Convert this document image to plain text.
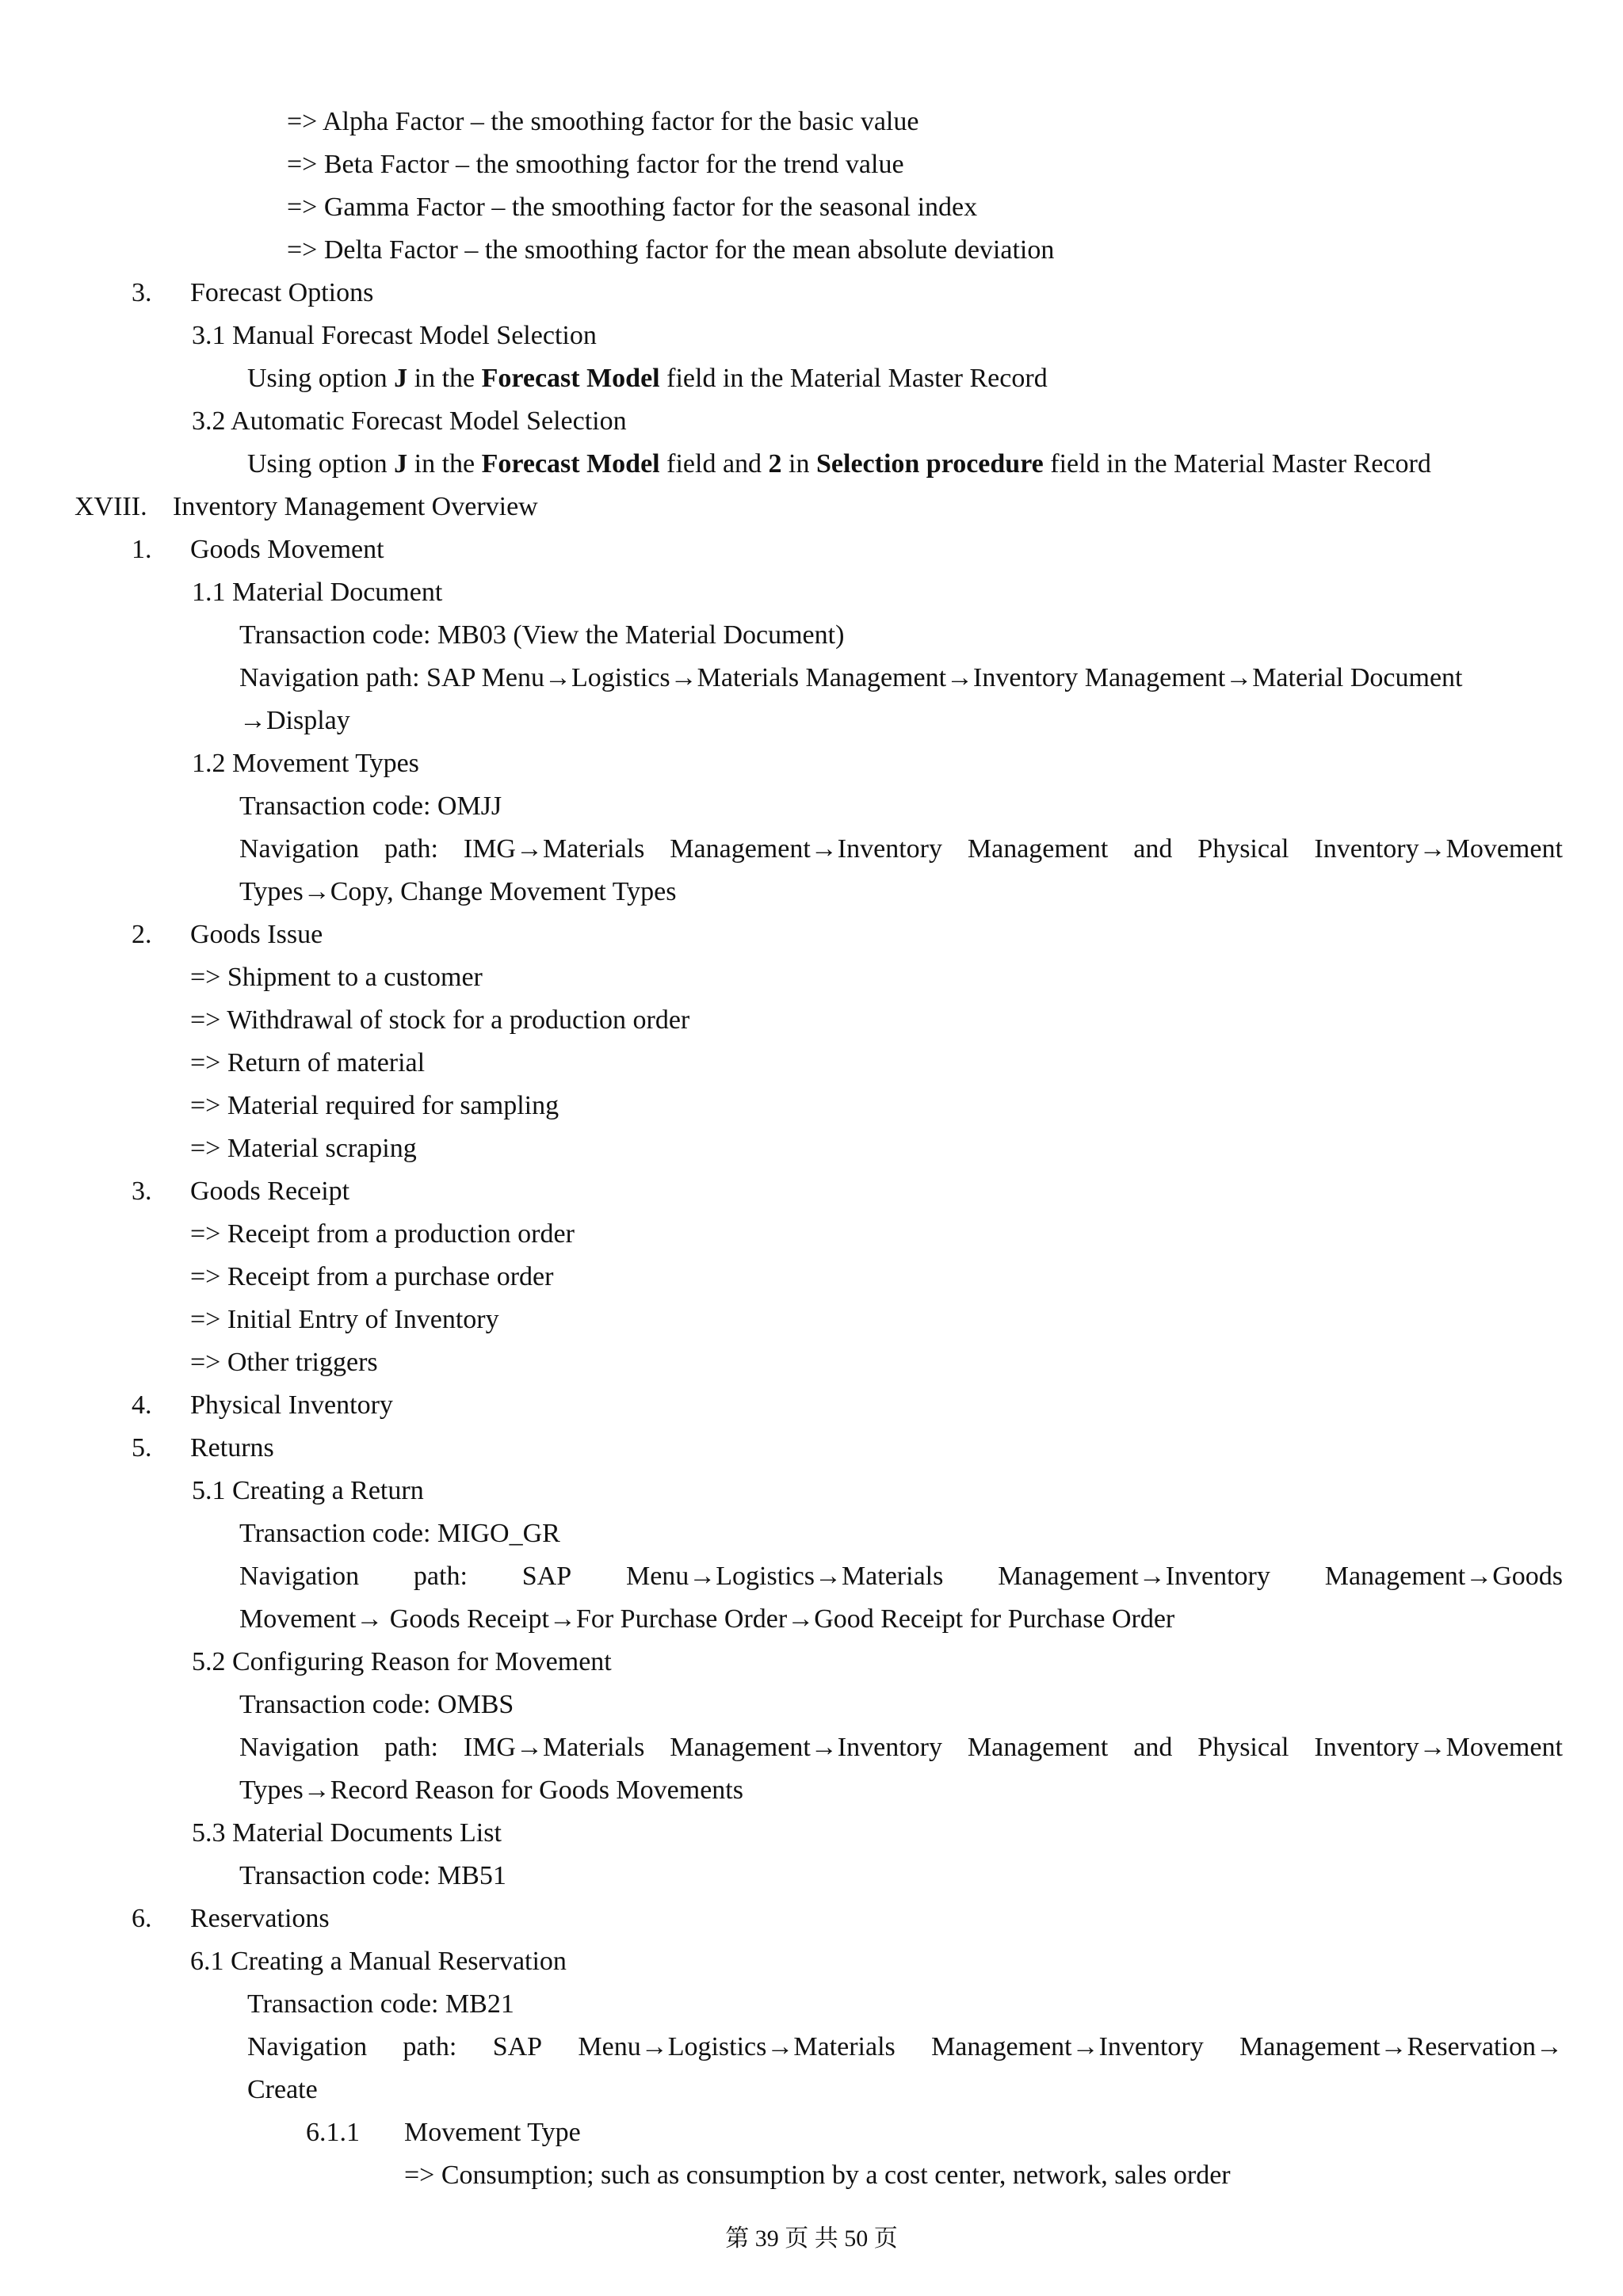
=> Alpha Factor – the smoothing factor for the basic value
=> Beta Factor – the smoothing factor for the trend value
=> Gamma Factor – the smoothing factor for the seasonal index
=> Delta Factor – the smoothing factor for the mean absolute deviation
3. Forecast Options
3.1 Manual Forecast Model Selection
Using option J in the Forecast Model field in the Material Master Record
3.2 Automatic Forecast Model Selection
Using option J in the Forecast Model field and 2 in Selection procedure field in the Material Master Record
XVIII. Inventory Management Overview
1. Goods Movement
1.1 Material Document
Transaction code: MB03 (View the Material Document)
Navigation path: SAP Menu→Logistics→Materials Management→Inventory Management→Material Document
→Display
1.2 Movement Types
Transaction code: OMJJ
Navigation path: IMG→Materials Management→Inventory Management and Physical Inventory→Movement
Types→Copy, Change Movement Types
2. Goods Issue
=> Shipment to a customer
=> Withdrawal of stock for a production order
=> Return of material
=> Material required for sampling
=> Material scraping
3. Goods Receipt
=> Receipt from a production order
=> Receipt from a purchase order
=> Initial Entry of Inventory
=> Other triggers
4. Physical Inventory
5. Returns
5.1 Creating a Return
Transaction code: MIGO_GR
Navigation path: SAP Menu→Logistics→Materials Management→Inventory Management→Goods
Movement→ Goods Receipt→For Purchase Order→Good Receipt for Purchase Order
5.2 Configuring Reason for Movement
Transaction code: OMBS
Navigation path: IMG→Materials Management→Inventory Management and Physical Inventory→Movement
Types→Record Reason for Goods Movements
5.3 Material Documents List
Transaction code: MB51
6. Reservations
6.1 Creating a Manual Reservation
Transaction code: MB21
Navigation path: SAP Menu→Logistics→Materials Management→Inventory Management→Reservation→
Create
6.1.1 Movement Type
=> Consumption; such as consumption by a cost center, network, sales order
第 39 页 共 50 页
